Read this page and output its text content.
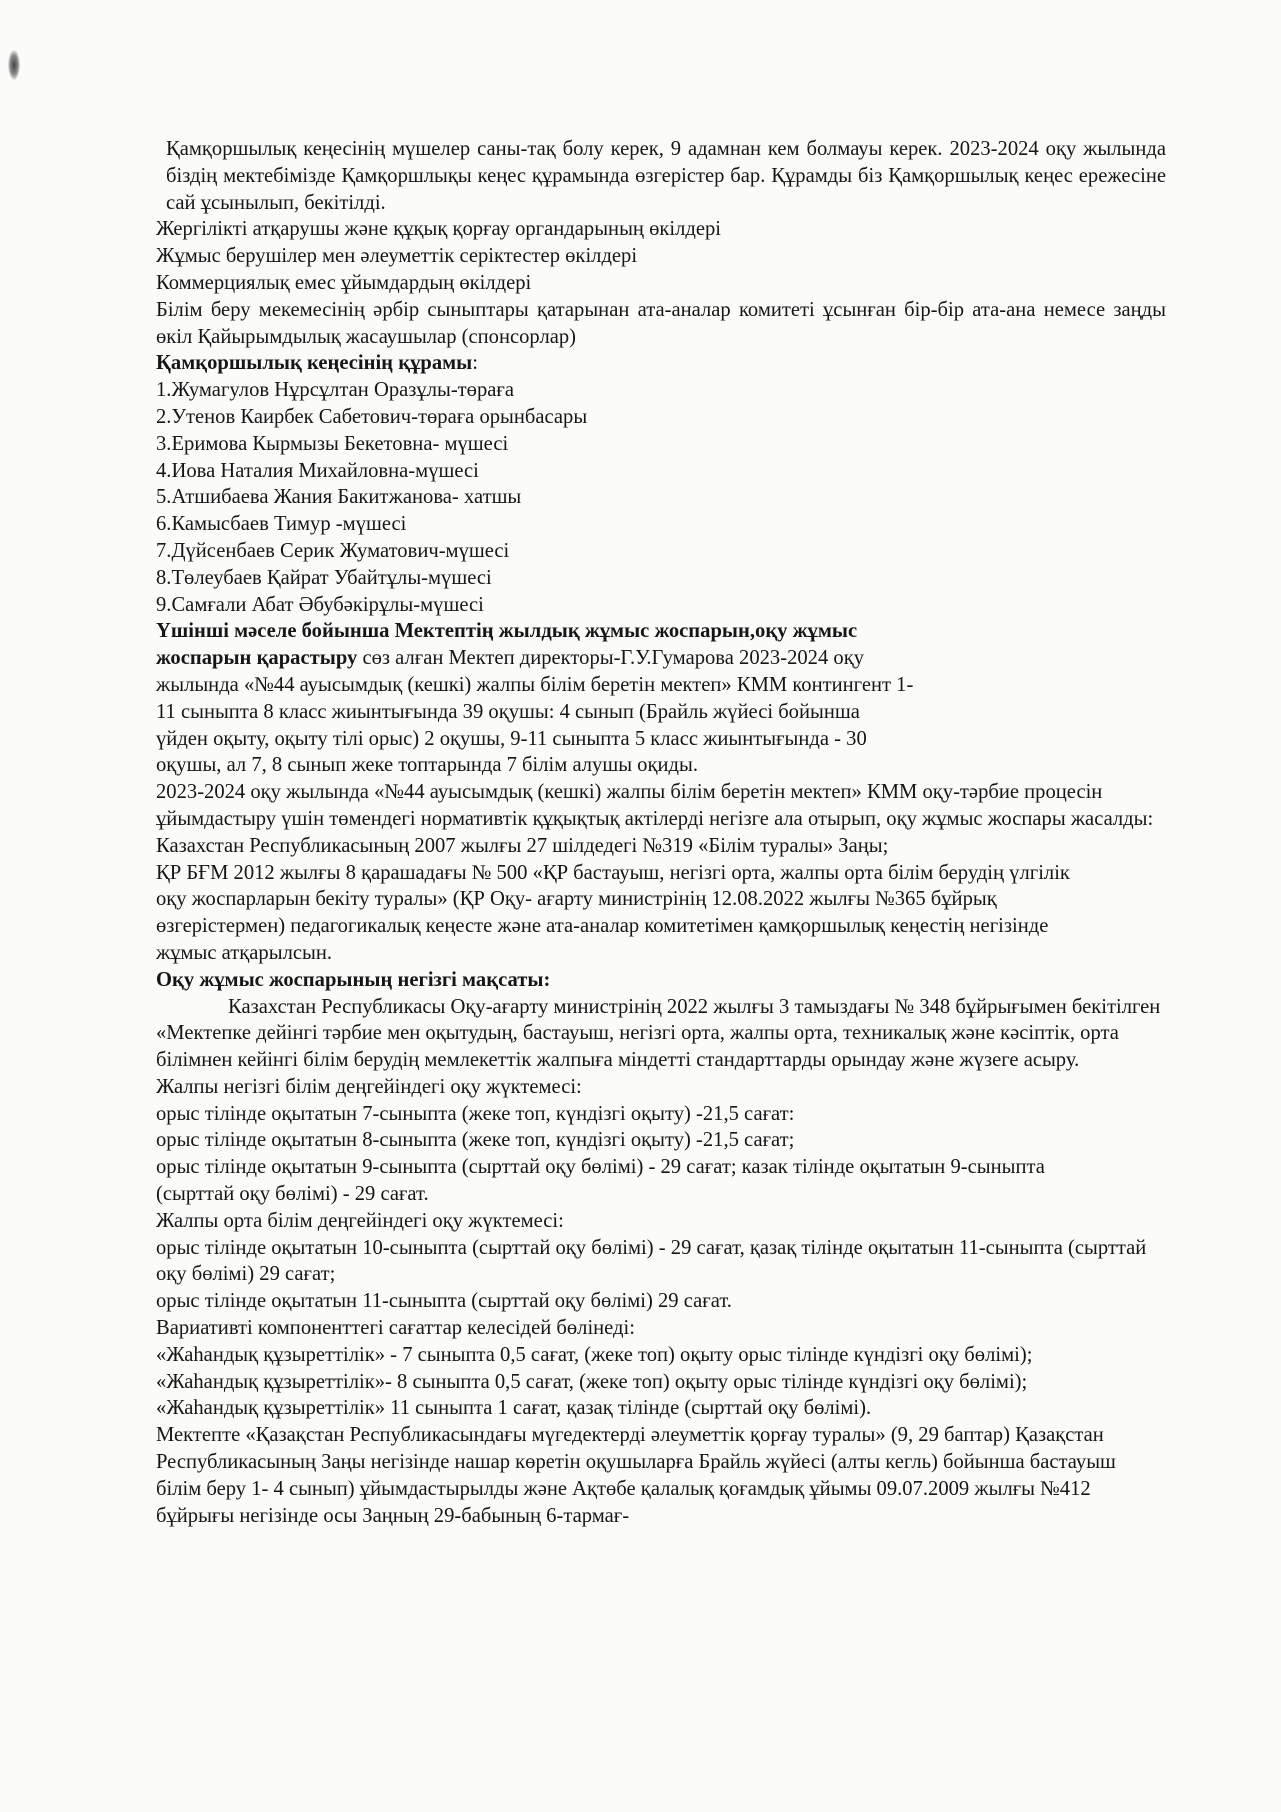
Қамқоршылық кеңесінің мүшелер саны-тақ болу керек, 9 адамнан кем болмауы керек. 2023-2024 оқу жылында біздің мектебімізде Қамқоршлықы кеңес құрамында өзгерістер бар. Құрамды біз Қамқоршылық кеңес ережесіне сай ұсынылып, бекітілді.

Жергілікті атқарушы және құқық қорғау органдарының өкілдері

Жұмыс берушілер мен әлеуметтік серіктестер өкілдері

Коммерциялық емес ұйымдардың өкілдері

Білім беру мекемесінің әрбір сыныптары қатарынан ата-аналар комитеті ұсынған бір-бір ата-ана немесе заңды өкіл Қайырымдылық жасаушылар (спонсорлар)

Қамқоршылық кеңесінің құрамы:

1.Жумагулов Нұрсұлтан Оразұлы-төраға

2.Утенов Каирбек Сабетович-төраға орынбасары

3.Еримова Кырмызы Бекетовна- мүшесі

4.Иова Наталия Михайловна-мүшесі

5.Атшибаева Жания Бакитжанова- хатшы

6.Камысбаев Тимур -мүшесі

7.Дүйсенбаев Серик Жуматович-мүшесі

8.Төлеубаев Қайрат Убайтұлы-мүшесі

9.Самғали Абат Әбубәкірұлы-мүшесі

Үшінші мәселе бойынша Мектептің жылдық жұмыс жоспарын,оқу жұмыс жоспарын қарастыру сөз алған Мектеп директоры-Г.У.Гумарова 2023-2024 оқу жылында «№44 ауысымдық (кешкі) жалпы білім беретін мектеп» КММ контингент 1-11 сыныпта 8 класс жиынтығында 39 оқушы: 4 сынып (Брайль жүйесі бойынша үйден оқыту, оқыту тілі орыс) 2 оқушы, 9-11 сыныпта 5 класс жиынтығында - 30 оқушы, ал 7, 8 сынып жеке топтарында 7 білім алушы оқиды.

2023-2024 оқу жылында «№44 ауысымдық (кешкі) жалпы білім беретін мектеп» КММ оқу-тәрбие процесін ұйымдастыру үшін төмендегі нормативтік құқықтық актілерді негізге ала отырып, оқу жұмыс жоспары жасалды:

Казахстан Республикасының 2007 жылғы 27 шілдедегі №319 «Білім туралы» Заңы;

ҚР БҒМ 2012 жылғы 8 қарашадағы № 500 «ҚР бастауыш, негізгі орта, жалпы орта білім берудің үлгілік оқу жоспарларын бекіту туралы» (ҚР Оқу- ағарту министрінің 12.08.2022 жылғы №365 бұйрық өзгерістермен) педагогикалық кеңесте және ата-аналар комитетімен қамқоршылық кеңестің негізінде жұмыс атқарылсын.

Оқу жұмыс жоспарының негізгі мақсаты:

Казахстан Республикасы Оқу-ағарту министрінің 2022 жылғы 3 тамыздағы № 348 бұйрығымен бекітілген «Мектепке дейінгі тәрбие мен оқытудың, бастауыш, негізгі орта, жалпы орта, техникалық және кәсіптік, орта білімнен кейінгі білім берудің мемлекеттік жалпыға міндетті стандарттарды орындау және жүзеге асыру.

Жалпы негізгі білім деңгейіндегі оқу жүктемесі:

орыс тілінде оқытатын 7-сыныпта (жеке топ, күндізгі оқыту) -21,5 сағат:

орыс тілінде оқытатын 8-сыныпта (жеке топ, күндізгі оқыту) -21,5 сағат;

орыс тілінде оқытатын 9-сыныпта (сырттай оқу бөлімі) - 29 сағат; казак тілінде оқытатын 9-сыныпта (сырттай оқу бөлімі) - 29 сағат.

Жалпы орта білім деңгейіндегі оқу жүктемесі:

орыс тілінде оқытатын 10-сыныпта (сырттай оқу бөлімі) - 29 сағат, қазақ тілінде оқытатын 11-сыныпта (сырттай оқу бөлімі) 29 сағат;

орыс тілінде оқытатын 11-сыныпта (сырттай оқу бөлімі) 29 сағат.

Вариативті компоненттегі сағаттар келесідей бөлінеді:

«Жаһандық құзыреттілік» - 7 сыныпта 0,5 сағат, (жеке топ) оқыту орыс тілінде күндізгі оқу бөлімі);

«Жаһандық құзыреттілік»- 8 сыныпта 0,5 сағат, (жеке топ) оқыту орыс тілінде күндізгі оқу бөлімі);

«Жаһандық құзыреттілік» 11 сыныпта 1 сағат, қазақ тілінде (сырттай оқу бөлімі).

Мектепте «Қазақстан Республикасындағы мүгедектерді әлеуметтік қорғау туралы» (9, 29 баптар) Қазақстан Республикасының Заңы негізінде нашар көретін оқушыларға Брайль жүйесі (алты кегль) бойынша бастауыш білім беру 1- 4 сынып) ұйымдастырылды және Ақтөбе қалалық қоғамдық ұйымы 09.07.2009 жылғы №412 бұйрығы негізінде осы Заңның 29-бабының 6-тармағ-
